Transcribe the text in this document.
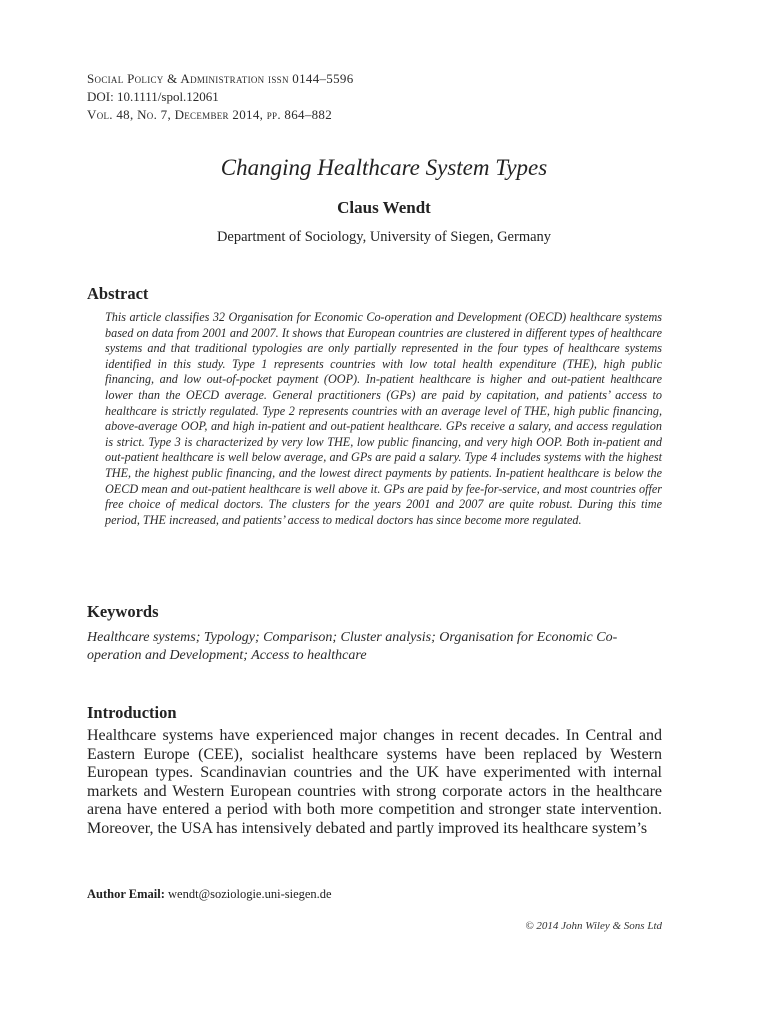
Social Policy & Administration issn 0144–5596
DOI: 10.1111/spol.12061
Vol. 48, No. 7, December 2014, pp. 864–882
Changing Healthcare System Types
Claus Wendt
Department of Sociology, University of Siegen, Germany
Abstract
This article classifies 32 Organisation for Economic Co-operation and Development (OECD) healthcare systems based on data from 2001 and 2007. It shows that European countries are clustered in different types of healthcare systems and that traditional typologies are only partially represented in the four types of healthcare systems identified in this study. Type 1 represents countries with low total health expenditure (THE), high public financing, and low out-of-pocket payment (OOP). In-patient healthcare is higher and out-patient healthcare lower than the OECD average. General practitioners (GPs) are paid by capitation, and patients’ access to healthcare is strictly regulated. Type 2 represents countries with an average level of THE, high public financing, above-average OOP, and high in-patient and out-patient healthcare. GPs receive a salary, and access regulation is strict. Type 3 is characterized by very low THE, low public financing, and very high OOP. Both in-patient and out-patient healthcare is well below average, and GPs are paid a salary. Type 4 includes systems with the highest THE, the highest public financing, and the lowest direct payments by patients. In-patient healthcare is below the OECD mean and out-patient healthcare is well above it. GPs are paid by fee-for-service, and most countries offer free choice of medical doctors. The clusters for the years 2001 and 2007 are quite robust. During this time period, THE increased, and patients’ access to medical doctors has since become more regulated.
Keywords
Healthcare systems; Typology; Comparison; Cluster analysis; Organisation for Economic Co-operation and Development; Access to healthcare
Introduction
Healthcare systems have experienced major changes in recent decades. In Central and Eastern Europe (CEE), socialist healthcare systems have been replaced by Western European types. Scandinavian countries and the UK have experimented with internal markets and Western European countries with strong corporate actors in the healthcare arena have entered a period with both more competition and stronger state intervention. Moreover, the USA has intensively debated and partly improved its healthcare system’s
Author Email: wendt@soziologie.uni-siegen.de
© 2014 John Wiley & Sons Ltd
